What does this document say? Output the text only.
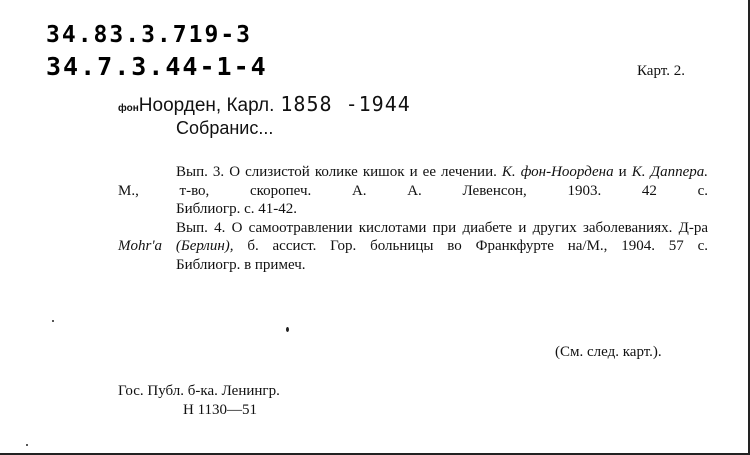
34.83.3.719-3
34.7.3.44-1-4	Карт. 2.
фонНоорден, Карл. 1858 -1944
Собранис...

Вып. 3. О слизистой колике кишок и ее лечении. К. фон-Ноордена и К. Даппера.    М., т-во, скоропеч. А. А. Левенсон, 1903. 42 с.

Библиогр. с. 41-42.

Вып. 4. О самоотравлении кислотами при диабете и других заболеваниях. Д-ра Mohr'a (Берлин), б. ассист. Гор. больницы во Франкфурте на/М., 1904. 57 с.

Библиогр. в примеч.

(См. след. карт.).
Гос. Публ. б-ка. Ленингр.
Н 1130—51
